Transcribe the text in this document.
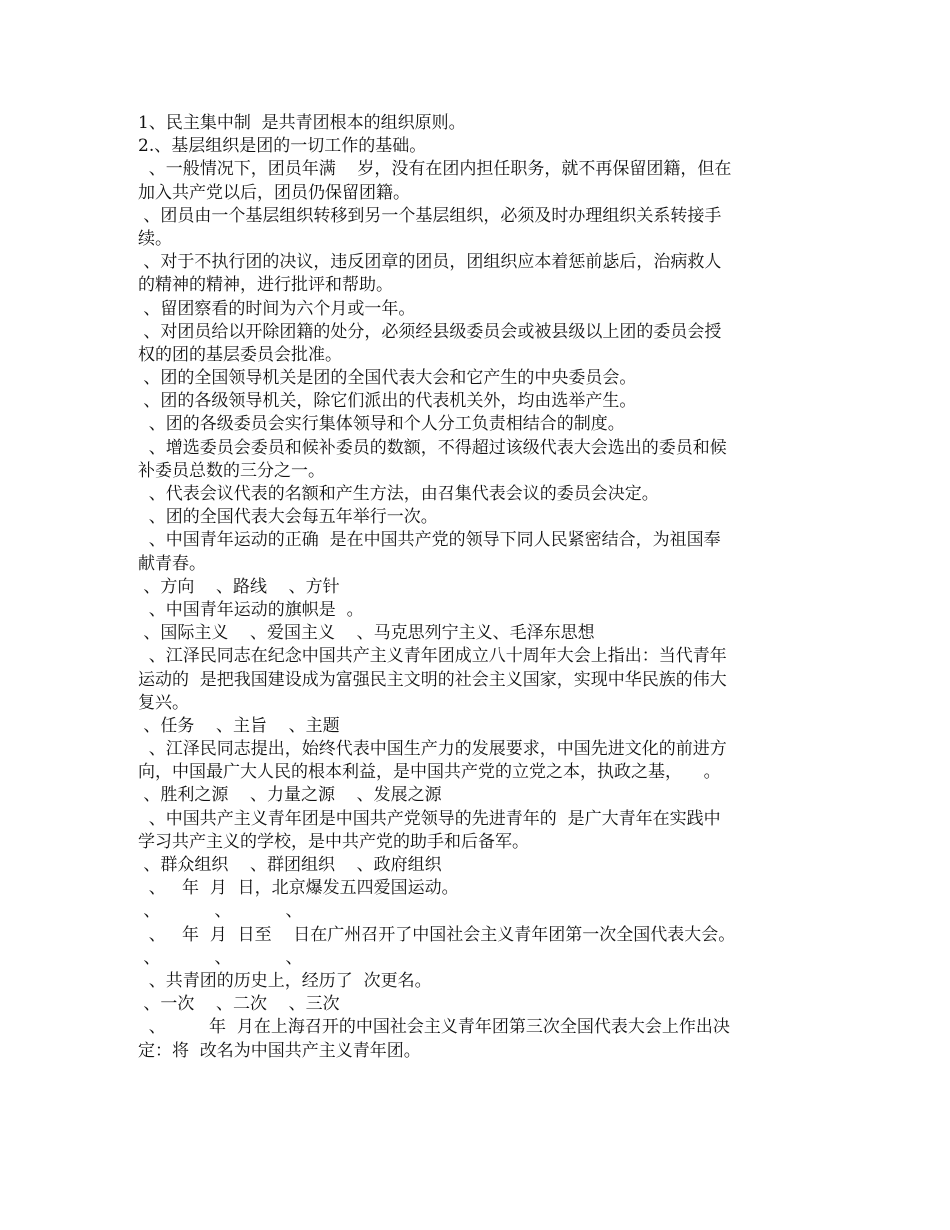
1、民主集中制  是共青团根本的组织原则。
2.、基层组织是团的一切工作的基础。
、一般情况下，团员年满    岁，没有在团内担任职务，就不再保留团籍，但在
加入共产党以后，团员仍保留团籍。
、团员由一个基层组织转移到另一个基层组织，必须及时办理组织关系转接手
续。
、对于不执行团的决议，违反团章的团员，团组织应本着惩前毖后，治病救人
的精神的精神，进行批评和帮助。
、留团察看的时间为六个月或一年。
、对团员给以开除团籍的处分，必须经县级委员会或被县级以上团的委员会授
权的团的基层委员会批准。
、团的全国领导机关是团的全国代表大会和它产生的中央委员会。
、团的各级领导机关，除它们派出的代表机关外，均由选举产生。
、团的各级委员会实行集体领导和个人分工负责相结合的制度。
、增选委员会委员和候补委员的数额，不得超过该级代表大会选出的委员和候
补委员总数的三分之一。
、代表会议代表的名额和产生方法，由召集代表会议的委员会决定。
、团的全国代表大会每五年举行一次。
、中国青年运动的正确  是在中国共产党的领导下同人民紧密结合，为祖国奉
献青春。
、方向    、路线    、方针
、中国青年运动的旗帜是  。
、国际主义    、爱国主义    、马克思列宁主义、毛泽东思想
、江泽民同志在纪念中国共产主义青年团成立八十周年大会上指出：当代青年
运动的  是把我国建设成为富强民主文明的社会主义国家，实现中华民族的伟大
复兴。
、任务    、主旨    、主题
、江泽民同志提出，始终代表中国生产力的发展要求，中国先进文化的前进方
向，中国最广大人民的根本利益，是中国共产党的立党之本，执政之基，    。
、胜利之源    、力量之源    、发展之源
、中国共产主义青年团是中国共产党领导的先进青年的  是广大青年在实践中
学习共产主义的学校，是中共产党的助手和后备军。
、群众组织    、群团组织    、政府组织
、   年  月  日，北京爆发五四爱国运动。
、          、          、
、   年  月  日至    日在广州召开了中国社会主义青年团第一次全国代表大会。
、          、          、
、共青团的历史上，经历了  次更名。
、一次    、二次    、三次
、        年  月在上海召开的中国社会主义青年团第三次全国代表大会上作出决
定：将  改名为中国共产主义青年团。
